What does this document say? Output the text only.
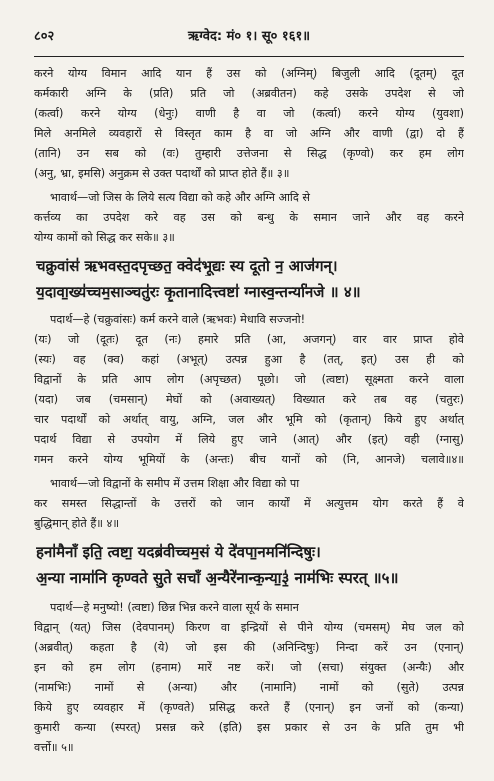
८०२	ऋग्वेद: मं० १। सू० १६१॥
करने योग्य विमान आदि यान हैं उस को (अग्निम्) बिजुली आदि (दूतम्) दूत
कर्मकारी अग्नि के (प्रति) प्रति जो (अब्रवीतन) कहे उसके उपदेश से जो
(कर्त्वा) करने योग्य (धेनुः) वाणी है वा जो (कर्त्वा) करने योग्य (युवशा)
मिले अनमिले व्यवहारों से विस्तृत काम है वा जो अग्नि और वाणी (द्वा) दो हैं
(तानि) उन सब को (वः) तुम्हारी उत्तेजना से सिद्ध (कृण्वो) कर हम लोग
(अनु, भ्रा, इमसि) अनुक्रम से उक्त पदार्थों को प्राप्त होते हैं॥ ३॥
भावार्थ—जो जिस के लिये सत्य विद्या को कहे और अग्नि आदि से
कर्त्तव्य का उपदेश करे वह उस को बन्धु के समान जाने और वह करने
योग्य कामों को सिद्ध कर सके॥ ३॥
चक्रुवांस॑ ऋभवस्त॒दपृच्छत॒ क्वेद॑भू॒द्यः स्य दू॒तो न॒ आज॑गन्।
य॒दावा॒ख्य॑च्चम॒साञ्चतु॑रः कृ॒तानादित्त्वष्टा॑ ग्नास्व॒न्तर्न्या॑नजे ॥ ४॥
पदार्थ—हे (चक्रुवांसः) कर्म करने वाले (ऋभवः) मेधावि सज्जनो!
(यः) जो (दूतः) दूत (नः) हमारे प्रति (आ, अजगन्) वार वार प्राप्त होवे
(स्यः) वह (क्व) कहां (अभूत्) उत्पन्न हुआ है (तत्, इत्) उस ही को
विद्वानों के प्रति आप लोग (अपृच्छत) पूछो। जो (त्वष्टा) सूक्ष्मता करने वाला
(यदा) जब (चमसान्) मेघों को (अवाख्यत्) विख्यात करे तब वह (चतुरः)
चार पदार्थों को अर्थात् वायु, अग्नि, जल और भूमि को (कृतान्) किये हुए अर्थात्
पदार्थ विद्या से उपयोग में लिये हुए जाने (आत्) और (इत्) वही (ग्नासु)
गमन करने योग्य भूमियों के (अन्तः) बीच यानों को (नि, आनजे) चलावे॥४॥
भावार्थ—जो विद्वानों के समीप में उत्तम शिक्षा और विद्या को पा
कर समस्त सिद्धान्तों के उत्तरों को जान कार्यों में अत्युत्तम योग करते हैं वे
बुद्धिमान् होते हैं॥ ४॥
हना॑मैनाँ इति॒ त्वष्टा॒ यदब्र॑वीच्चम॒सं ये दे॑वपा॒नमनि॑न्दिषुः।
अ॒न्या नामा॑नि कृण्वते सु॒ते सचाँ अ॒न्यैरे॑नान्क॒न्या॒३॒॑ नाम॑भिः स्परत् ॥५॥
पदार्थ—हे मनुष्यो! (त्वष्टा) छिन्न भिन्न करने वाला सूर्य के समान
विद्वान् (यत्) जिस (देवपानम्) किरण वा इन्द्रियों से पीने योग्य (चमसम्) मेघ जल को
(अब्रवीत्) कहता है (ये) जो इस की (अनिन्दिषुः) निन्दा करें उन (एनान्)
इन को हम लोग (हनाम) मारें नष्ट करें। जो (सचा) संयुक्त (अन्यैः) और
(नामभिः) नामों से (अन्या) और (नामानि) नामों को (सुते) उत्पन्न
किये हुए व्यवहार में (कृण्वते) प्रसिद्ध करते हैं (एनान्) इन जनों को (कन्या)
कुमारी कन्या (स्परत्) प्रसन्न करे (इति) इस प्रकार से उन के प्रति तुम भी
वर्त्तो॥ ५॥
